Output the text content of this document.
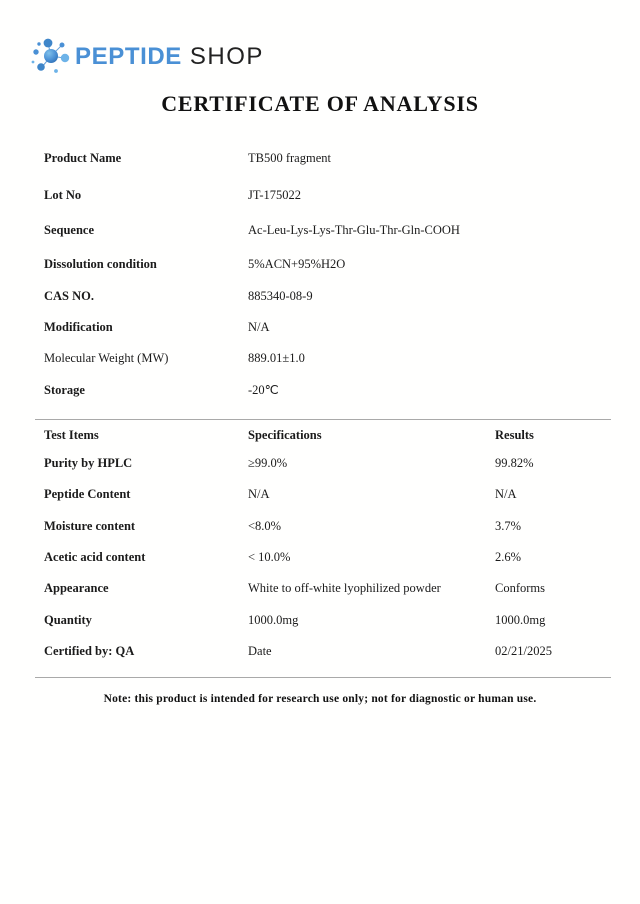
PEPTIDE SHOP
CERTIFICATE OF ANALYSIS
Product Name	TB500 fragment
Lot No	JT-175022
Sequence	Ac-Leu-Lys-Lys-Thr-Glu-Thr-Gln-COOH
Dissolution condition	5%ACN+95%H2O
CAS NO.	885340-08-9
Modification	N/A
Molecular Weight (MW)	889.01±1.0
Storage	-20℃
Test Items	Specifications	Results
Purity by HPLC	≥99.0%	99.82%
Peptide Content	N/A	N/A
Moisture content	<8.0%	3.7%
Acetic acid content	< 10.0%	2.6%
Appearance	White to off-white lyophilized powder	Conforms
Quantity	1000.0mg	1000.0mg
Certified by: QA	Date	02/21/2025

Note: this product is intended for research use only; not for diagnostic or human use.
